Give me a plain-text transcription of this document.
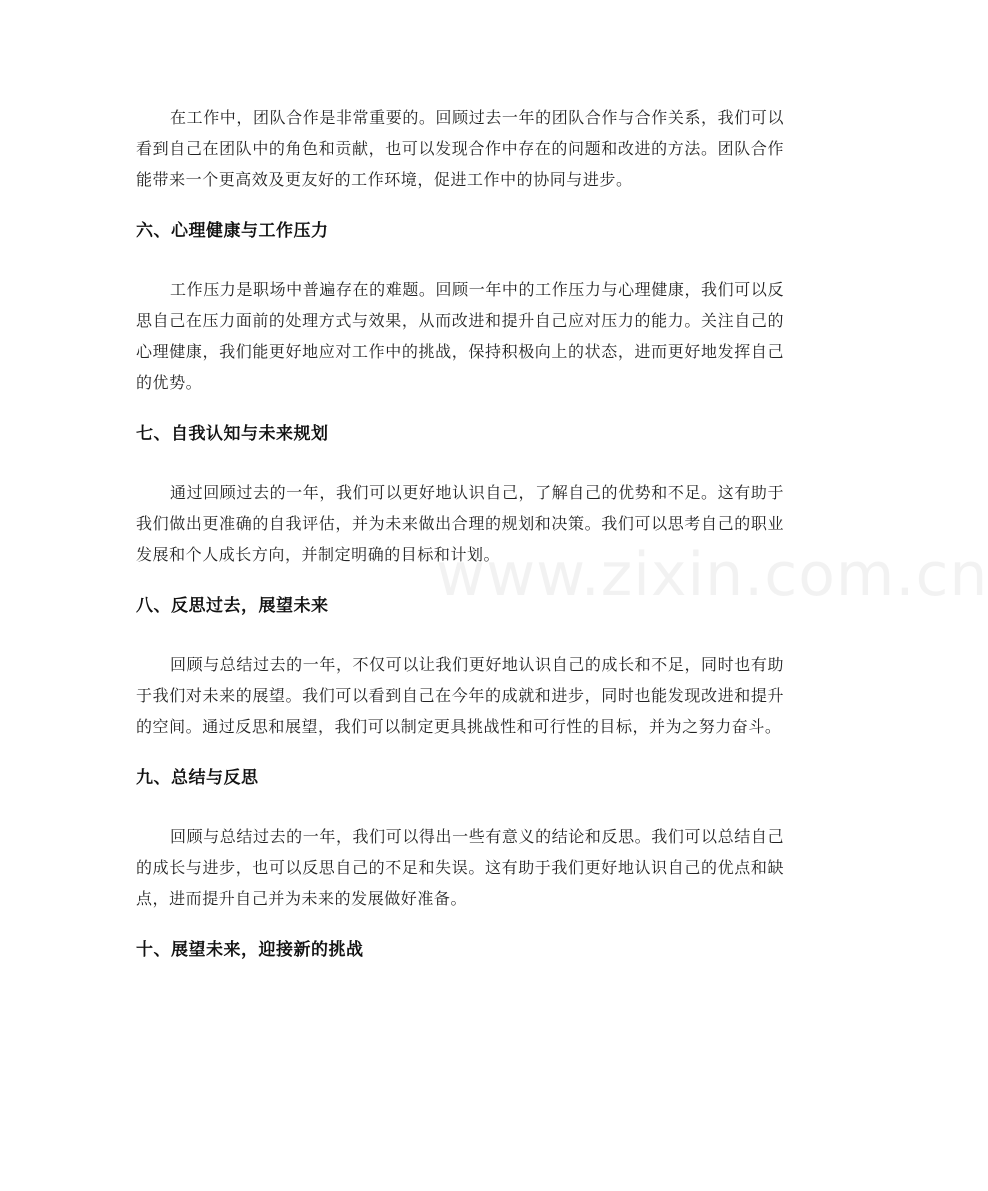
在工作中，团队合作是非常重要的。回顾过去一年的团队合作与合作关系，我们可以看到自己在团队中的角色和贡献，也可以发现合作中存在的问题和改进的方法。团队合作能带来一个更高效及更友好的工作环境，促进工作中的协同与进步。

六、心理健康与工作压力

工作压力是职场中普遍存在的难题。回顾一年中的工作压力与心理健康，我们可以反思自己在压力面前的处理方式与效果，从而改进和提升自己应对压力的能力。关注自己的心理健康，我们能更好地应对工作中的挑战，保持积极向上的状态，进而更好地发挥自己的优势。

七、自我认知与未来规划

通过回顾过去的一年，我们可以更好地认识自己，了解自己的优势和不足。这有助于我们做出更准确的自我评估，并为未来做出合理的规划和决策。我们可以思考自己的职业发展和个人成长方向，并制定明确的目标和计划。

八、反思过去，展望未来

回顾与总结过去的一年，不仅可以让我们更好地认识自己的成长和不足，同时也有助于我们对未来的展望。我们可以看到自己在今年的成就和进步，同时也能发现改进和提升的空间。通过反思和展望，我们可以制定更具挑战性和可行性的目标，并为之努力奋斗。

九、总结与反思

回顾与总结过去的一年，我们可以得出一些有意义的结论和反思。我们可以总结自己的成长与进步，也可以反思自己的不足和失误。这有助于我们更好地认识自己的优点和缺点，进而提升自己并为未来的发展做好准备。

十、展望未来，迎接新的挑战
www.zixin.com.cn
